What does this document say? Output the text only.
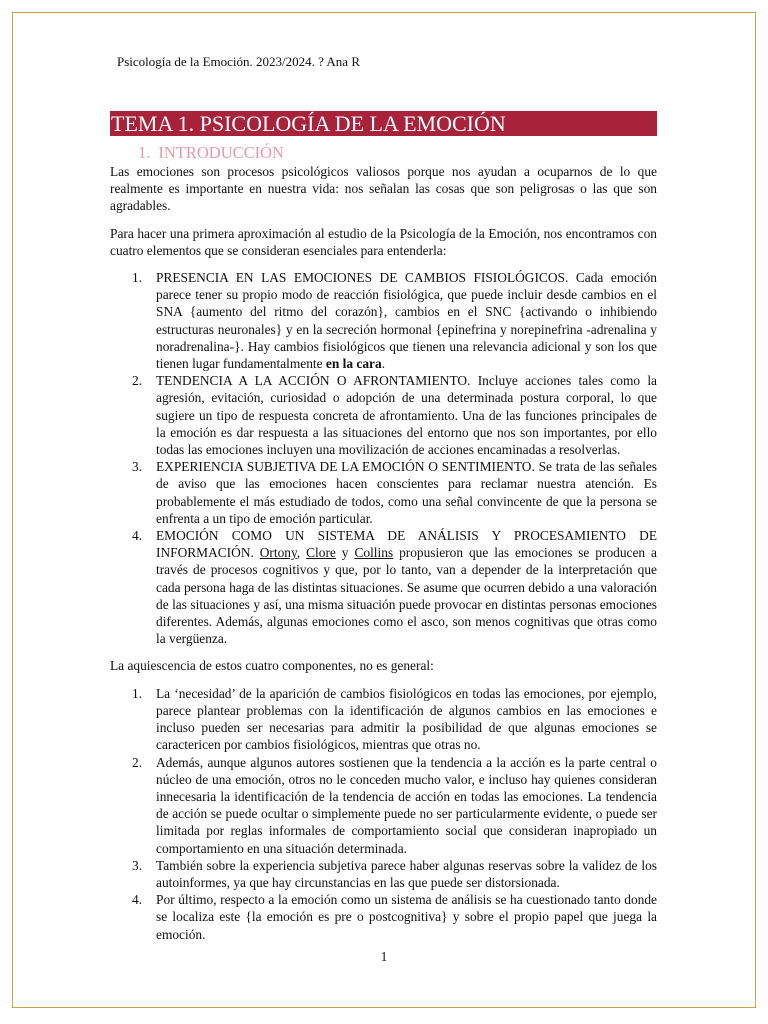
Psicología de la Emoción. 2023/2024. ? Ana R
TEMA 1. PSICOLOGÍA DE LA EMOCIÓN
1. INTRODUCCIÓN

Las emociones son procesos psicológicos valiosos porque nos ayudan a ocuparnos de lo que realmente es importante en nuestra vida: nos señalan las cosas que son peligrosas o las que son agradables.

Para hacer una primera aproximación al estudio de la Psicología de la Emoción, nos encontramos con cuatro elementos que se consideran esenciales para entenderla:

1. PRESENCIA EN LAS EMOCIONES DE CAMBIOS FISIOLÓGICOS. Cada emoción parece tener su propio modo de reacción fisiológica, que puede incluir desde cambios en el SNA {aumento del ritmo del corazón}, cambios en el SNC {activando o inhibiendo estructuras neuronales} y en la secreción hormonal {epinefrina y norepinefrina -adrenalina y noradrenalina-}. Hay cambios fisiológicos que tienen una relevancia adicional y son los que tienen lugar fundamentalmente en la cara.
2. TENDENCIA A LA ACCIÓN O AFRONTAMIENTO. Incluye acciones tales como la agresión, evitación, curiosidad o adopción de una determinada postura corporal, lo que sugiere un tipo de respuesta concreta de afrontamiento. Una de las funciones principales de la emoción es dar respuesta a las situaciones del entorno que nos son importantes, por ello todas las emociones incluyen una movilización de acciones encaminadas a resolverlas.
3. EXPERIENCIA SUBJETIVA DE LA EMOCIÓN O SENTIMIENTO. Se trata de las señales de aviso que las emociones hacen conscientes para reclamar nuestra atención. Es probablemente el más estudiado de todos, como una señal convincente de que la persona se enfrenta a un tipo de emoción particular.
4. EMOCIÓN COMO UN SISTEMA DE ANÁLISIS Y PROCESAMIENTO DE INFORMACIÓN. Ortony, Clore y Collins propusieron que las emociones se producen a través de procesos cognitivos y que, por lo tanto, van a depender de la interpretación que cada persona haga de las distintas situaciones. Se asume que ocurren debido a una valoración de las situaciones y así, una misma situación puede provocar en distintas personas emociones diferentes. Además, algunas emociones como el asco, son menos cognitivas que otras como la vergüenza.

La aquiescencia de estos cuatro componentes, no es general:

1. La ‘necesidad’ de la aparición de cambios fisiológicos en todas las emociones, por ejemplo, parece plantear problemas con la identificación de algunos cambios en las emociones e incluso pueden ser necesarias para admitir la posibilidad de que algunas emociones se caractericen por cambios fisiológicos, mientras que otras no.
2. Además, aunque algunos autores sostienen que la tendencia a la acción es la parte central o núcleo de una emoción, otros no le conceden mucho valor, e incluso hay quienes consideran innecesaria la identificación de la tendencia de acción en todas las emociones. La tendencia de acción se puede ocultar o simplemente puede no ser particularmente evidente, o puede ser limitada por reglas informales de comportamiento social que consideran inapropiado un comportamiento en una situación determinada.
3. También sobre la experiencia subjetiva parece haber algunas reservas sobre la validez de los autoinformes, ya que hay circunstancias en las que puede ser distorsionada.
4. Por último, respecto a la emoción como un sistema de análisis se ha cuestionado tanto donde se localiza este {la emoción es pre o postcognitiva} y sobre el propio papel que juega la emoción.
1
